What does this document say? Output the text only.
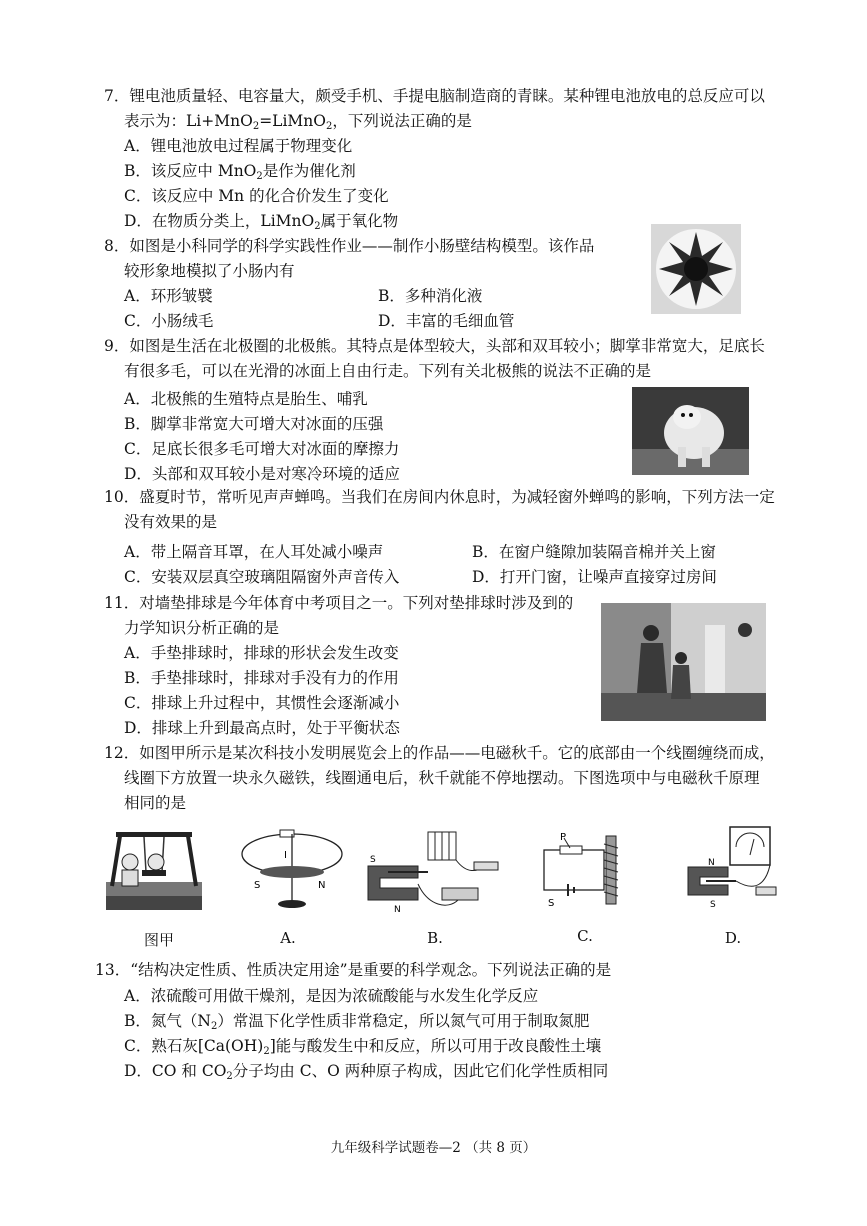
7．锂电池质量轻、电容量大，颇受手机、手提电脑制造商的青睐。某种锂电池放电的总反应可以
表示为：Li+MnO$_2$=LiMnO$_2$，下列说法正确的是
A．锂电池放电过程属于物理变化
B．该反应中 MnO$_2$是作为催化剂
C．该反应中 Mn 的化合价发生了变化
D．在物质分类上，LiMnO$_2$属于氧化物
8．如图是小科同学的科学实践性作业——制作小肠壁结构模型。该作品
较形象地模拟了小肠内有
A．环形皱襞	B．多种消化液
C．小肠绒毛	D．丰富的毛细血管
9．如图是生活在北极圈的北极熊。其特点是体型较大，头部和双耳较小；脚掌非常宽大，足底长
有很多毛，可以在光滑的冰面上自由行走。下列有关北极熊的说法不正确的是
A．北极熊的生殖特点是胎生、哺乳
B．脚掌非常宽大可增大对冰面的压强
C．足底长很多毛可增大对冰面的摩擦力
D．头部和双耳较小是对寒冷环境的适应
10．盛夏时节，常听见声声蝉鸣。当我们在房间内休息时，为减轻窗外蝉鸣的影响，下列方法一定
没有效果的是
A．带上隔音耳罩，在人耳处减小噪声	B．在窗户缝隙加装隔音棉并关上窗
C．安装双层真空玻璃阻隔窗外声音传入	D．打开门窗，让噪声直接穿过房间
11．对墙垫排球是今年体育中考项目之一。下列对垫排球时涉及到的
力学知识分析正确的是
A．手垫排球时，排球的形状会发生改变
B．手垫排球时，排球对手没有力的作用
C．排球上升过程中，其惯性会逐渐减小
D．排球上升到最高点时，处于平衡状态
12．如图甲所示是某次科技小发明展览会上的作品——电磁秋千。它的底部由一个线圈缠绕而成，
线圈下方放置一块永久磁铁，线圈通电后，秋千就能不停地摆动。下图选项中与电磁秋千原理
相同的是
I
S	N
S
N
P
S
N
S
图甲	A.	B.	C.	D.
13．“结构决定性质、性质决定用途”是重要的科学观念。下列说法正确的是
A．浓硫酸可用做干燥剂，是因为浓硫酸能与水发生化学反应
B．氮气$(N_2)$常温下化学性质非常稳定，所以氮气可用于制取氮肥
C．熟石灰$[Ca(OH)_2]$能与酸发生中和反应，所以可用于改良酸性土壤
D．CO 和 $CO_2$分子均由 C、O 两种原子构成，因此它们化学性质相同
九年级科学试题卷—2 （共 8 页）
